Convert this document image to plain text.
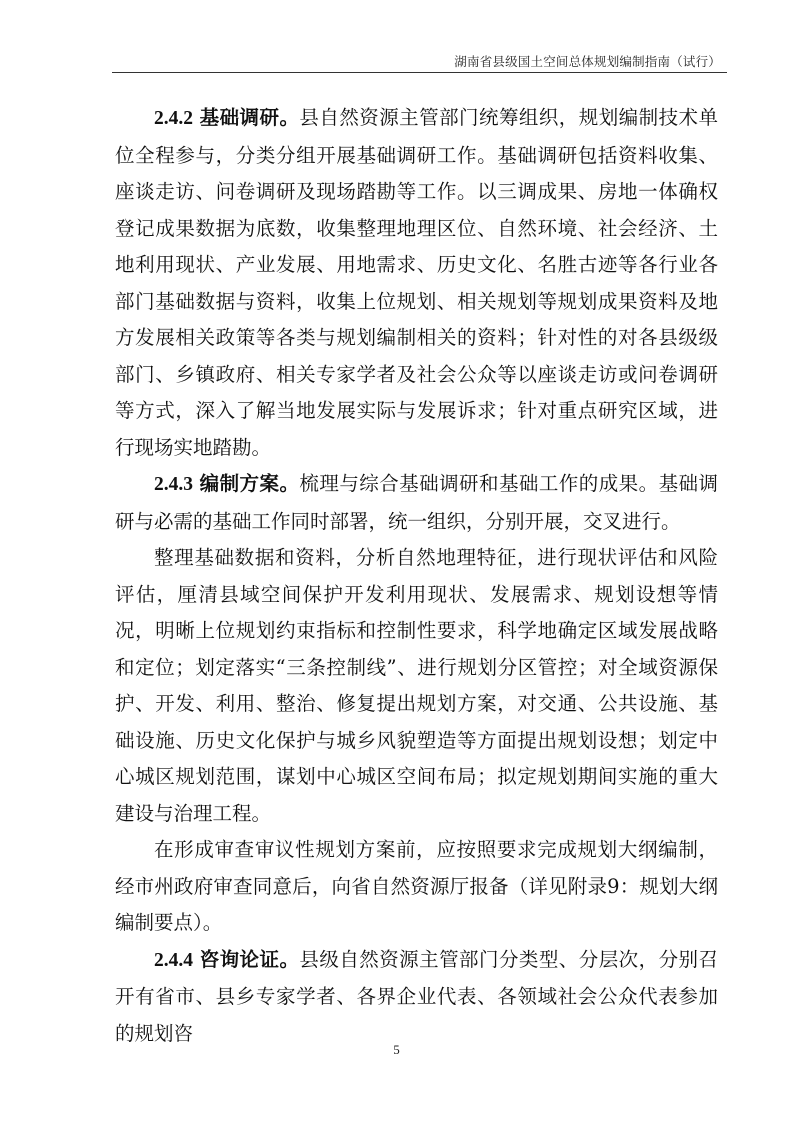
湖南省县级国土空间总体规划编制指南（试行）

2.4.2 基础调研。县自然资源主管部门统筹组织，规划编制技术单位全程参与，分类分组开展基础调研工作。基础调研包括资料收集、座谈走访、问卷调研及现场踏勘等工作。以三调成果、房地一体确权登记成果数据为底数，收集整理地理区位、自然环境、社会经济、土地利用现状、产业发展、用地需求、历史文化、名胜古迹等各行业各部门基础数据与资料，收集上位规划、相关规划等规划成果资料及地方发展相关政策等各类与规划编制相关的资料；针对性的对各县级级部门、乡镇政府、相关专家学者及社会公众等以座谈走访或问卷调研等方式，深入了解当地发展实际与发展诉求；针对重点研究区域，进行现场实地踏勘。

2.4.3 编制方案。梳理与综合基础调研和基础工作的成果。基础调研与必需的基础工作同时部署，统一组织，分别开展，交叉进行。

整理基础数据和资料，分析自然地理特征，进行现状评估和风险评估，厘清县域空间保护开发利用现状、发展需求、规划设想等情况，明晰上位规划约束指标和控制性要求，科学地确定区域发展战略和定位；划定落实“三条控制线”、进行规划分区管控；对全域资源保护、开发、利用、整治、修复提出规划方案，对交通、公共设施、基础设施、历史文化保护与城乡风貌塑造等方面提出规划设想；划定中心城区规划范围，谋划中心城区空间布局；拟定规划期间实施的重大建设与治理工程。

在形成审查审议性规划方案前，应按照要求完成规划大纲编制，经市州政府审查同意后，向省自然资源厅报备（详见附录9：规划大纲编制要点）。

2.4.4 咨询论证。县级自然资源主管部门分类型、分层次，分别召开有省市、县乡专家学者、各界企业代表、各领域社会公众代表参加的规划咨

5
